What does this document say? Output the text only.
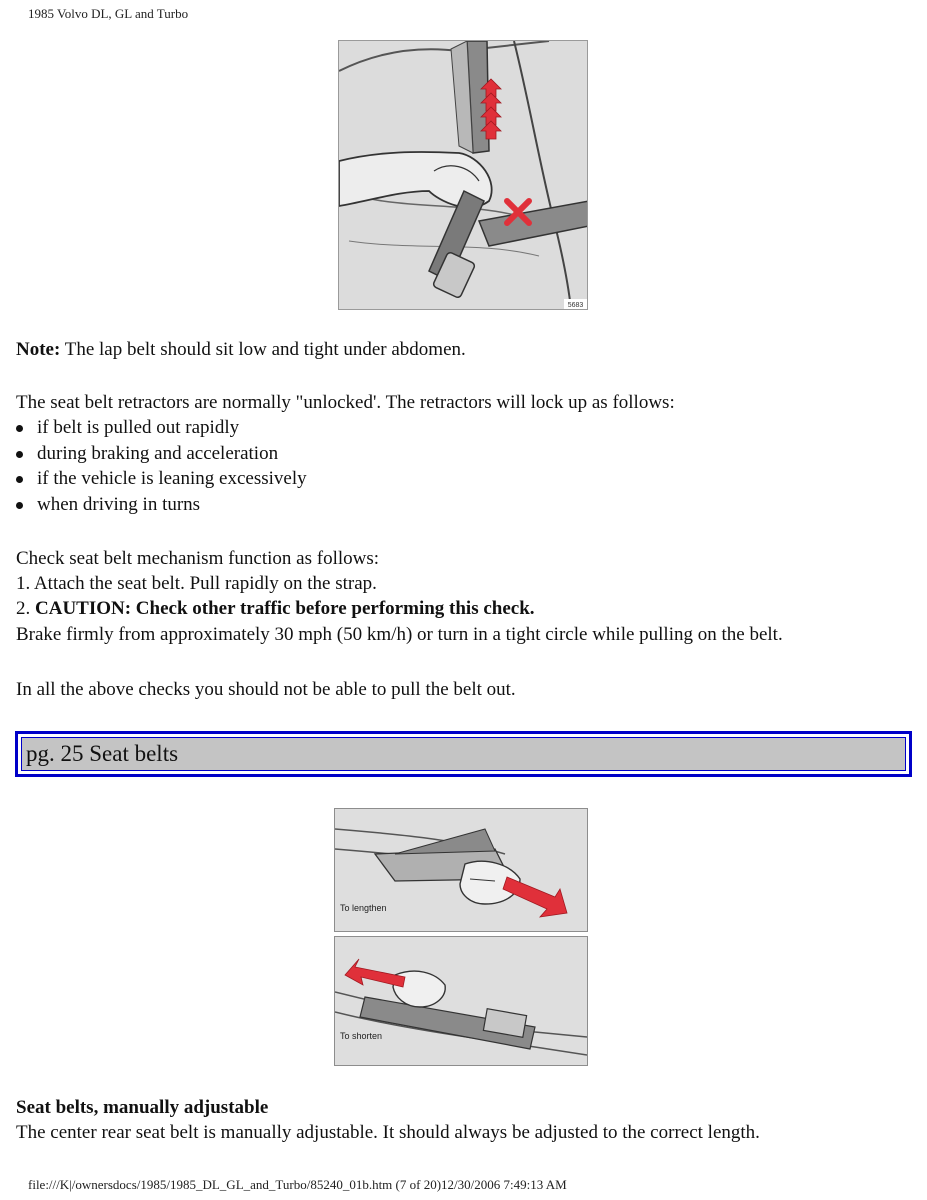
1985 Volvo DL, GL and Turbo
5683
Note: The lap belt should sit low and tight under abdomen.
The seat belt retractors are normally "unlocked'. The retractors will lock up as follows:
if belt is pulled out rapidly
during braking and acceleration
if the vehicle is leaning excessively
when driving in turns
Check seat belt mechanism function as follows:
1. Attach the seat belt. Pull rapidly on the strap.
2. CAUTION: Check other traffic before performing this check.
Brake firmly from approximately 30 mph (50 km/h) or turn in a tight circle while pulling on the belt.
In all the above checks you should not be able to pull the belt out.
pg. 25 Seat belts
To lengthen
To shorten
Seat belts, manually adjustable
The center rear seat belt is manually adjustable. It should always be adjusted to the correct length.
file:///K|/ownersdocs/1985/1985_DL_GL_and_Turbo/85240_01b.htm (7 of 20)12/30/2006 7:49:13 AM
